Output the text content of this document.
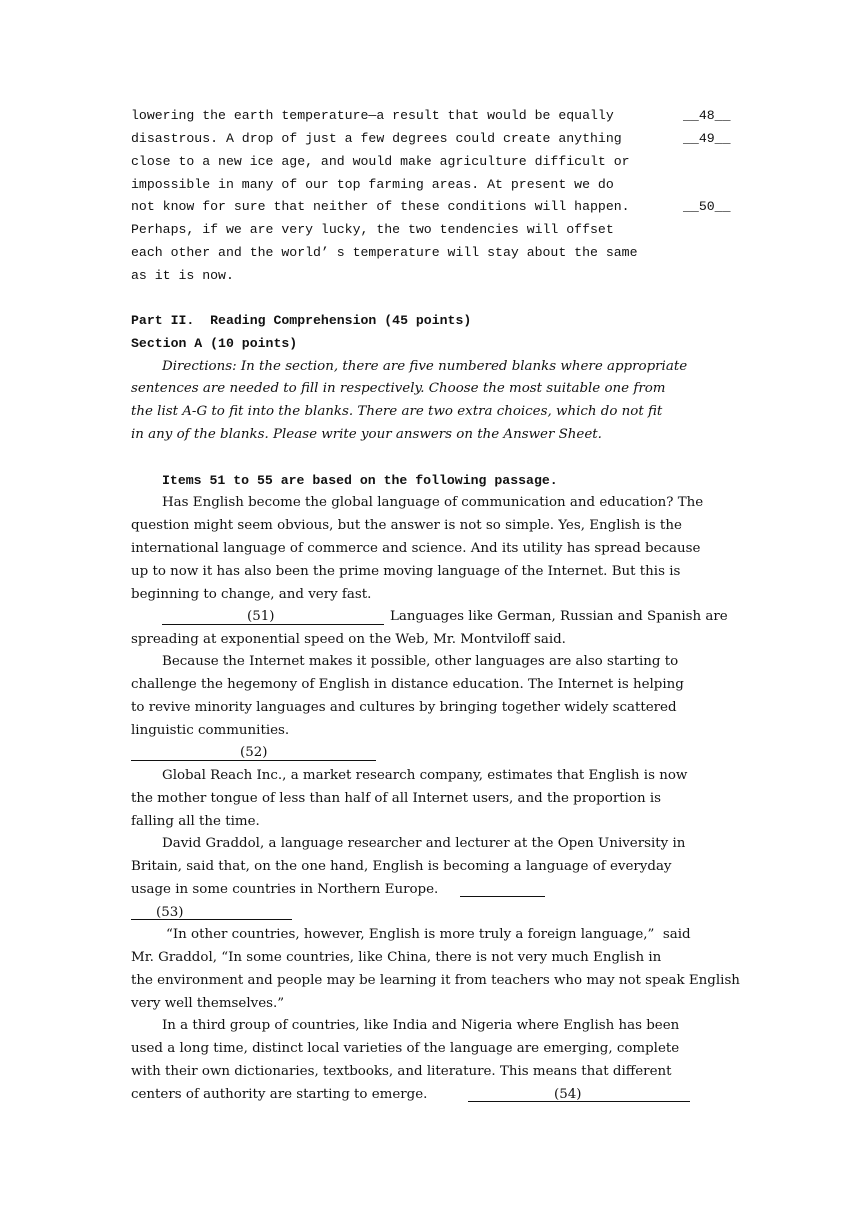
lowering the earth temperature—a result that would be equally	__48__
disastrous. A drop of just a few degrees could create anything	__49__
close to a new ice age, and would make agriculture difficult or
impossible in many of our top farming areas. At present we do
not know for sure that neither of these conditions will happen.	__50__
Perhaps, if we are very lucky, the two tendencies will offset
each other and the world’ s temperature will stay about the same
as it is now.
Part II.  Reading Comprehension (45 points)
Section A (10 points)
Directions: In the section, there are five numbered blanks where appropriate
sentences are needed to fill in respectively. Choose the most suitable one from
the list A-G to fit into the blanks. There are two extra choices, which do not fit
in any of the blanks. Please write your answers on the Answer Sheet.
Items 51 to 55 are based on the following passage.
Has English become the global language of communication and education? The
question might seem obvious, but the answer is not so simple. Yes, English is the
international language of commerce and science. And its utility has spread because
up to now it has also been the prime moving language of the Internet. But this is
beginning to change, and very fast.
(51)	Languages like German, Russian and Spanish are
spreading at exponential speed on the Web, Mr. Montviloff said.
Because the Internet makes it possible, other languages are also starting to
challenge the hegemony of English in distance education. The Internet is helping
to revive minority languages and cultures by bringing together widely scattered
linguistic communities.
(52)
Global Reach Inc., a market research company, estimates that English is now
the mother tongue of less than half of all Internet users, and the proportion is
falling all the time.
David Graddol, a language researcher and lecturer at the Open University in
Britain, said that, on the one hand, English is becoming a language of everyday
usage in some countries in Northern Europe.
(53)
“In other countries, however, English is more truly a foreign language,”  said
Mr. Graddol, “In some countries, like China, there is not very much English in
the environment and people may be learning it from teachers who may not speak English
very well themselves.”
In a third group of countries, like India and Nigeria where English has been
used a long time, distinct local varieties of the language are emerging, complete
with their own dictionaries, textbooks, and literature. This means that different
centers of authority are starting to emerge.	(54)
